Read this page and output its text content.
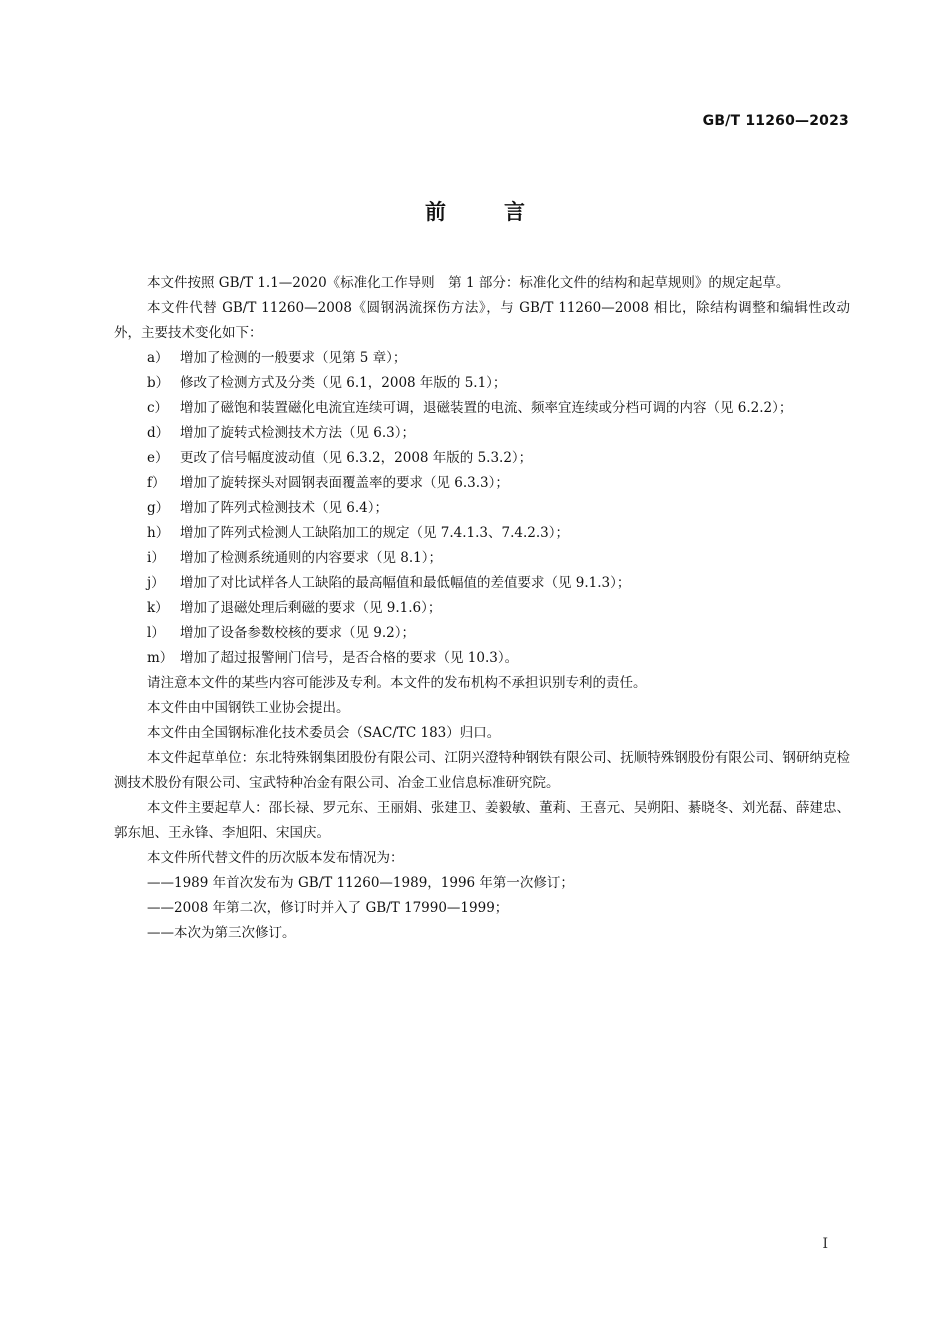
GB/T 11260—2023
前	言

本文件按照 GB/T 1.1—2020《标准化工作导则　第 1 部分：标准化文件的结构和起草规则》的规定起草。

本文件代替 GB/T 11260—2008《圆钢涡流探伤方法》，与 GB/T 11260—2008 相比，除结构调整和编辑性改动外，主要技术变化如下：

a） 增加了检测的一般要求（见第 5 章）；

b） 修改了检测方式及分类（见 6.1，2008 年版的 5.1）；

c） 增加了磁饱和装置磁化电流宜连续可调，退磁装置的电流、频率宜连续或分档可调的内容（见 6.2.2）；

d） 增加了旋转式检测技术方法（见 6.3）；

e） 更改了信号幅度波动值（见 6.3.2，2008 年版的 5.3.2）；

f） 增加了旋转探头对圆钢表面覆盖率的要求（见 6.3.3）；

g） 增加了阵列式检测技术（见 6.4）；

h） 增加了阵列式检测人工缺陷加工的规定（见 7.4.1.3、7.4.2.3）；

i） 增加了检测系统通则的内容要求（见 8.1）；

j） 增加了对比试样各人工缺陷的最高幅值和最低幅值的差值要求（见 9.1.3）；

k） 增加了退磁处理后剩磁的要求（见 9.1.6）；

l） 增加了设备参数校核的要求（见 9.2）；

m） 增加了超过报警闸门信号，是否合格的要求（见 10.3）。

请注意本文件的某些内容可能涉及专利。本文件的发布机构不承担识别专利的责任。

本文件由中国钢铁工业协会提出。

本文件由全国钢标准化技术委员会（SAC/TC 183）归口。

本文件起草单位：东北特殊钢集团股份有限公司、江阴兴澄特种钢铁有限公司、抚顺特殊钢股份有限公司、钢研纳克检测技术股份有限公司、宝武特种冶金有限公司、冶金工业信息标准研究院。

本文件主要起草人：邵长禄、罗元东、王丽娟、张建卫、姜毅敏、董莉、王喜元、吴朔阳、綦晓冬、刘光磊、薛建忠、郭东旭、王永锋、李旭阳、宋国庆。

本文件所代替文件的历次版本发布情况为：

——1989 年首次发布为 GB/T 11260—1989，1996 年第一次修订；

——2008 年第二次，修订时并入了 GB/T 17990—1999；

——本次为第三次修订。

Ⅰ
